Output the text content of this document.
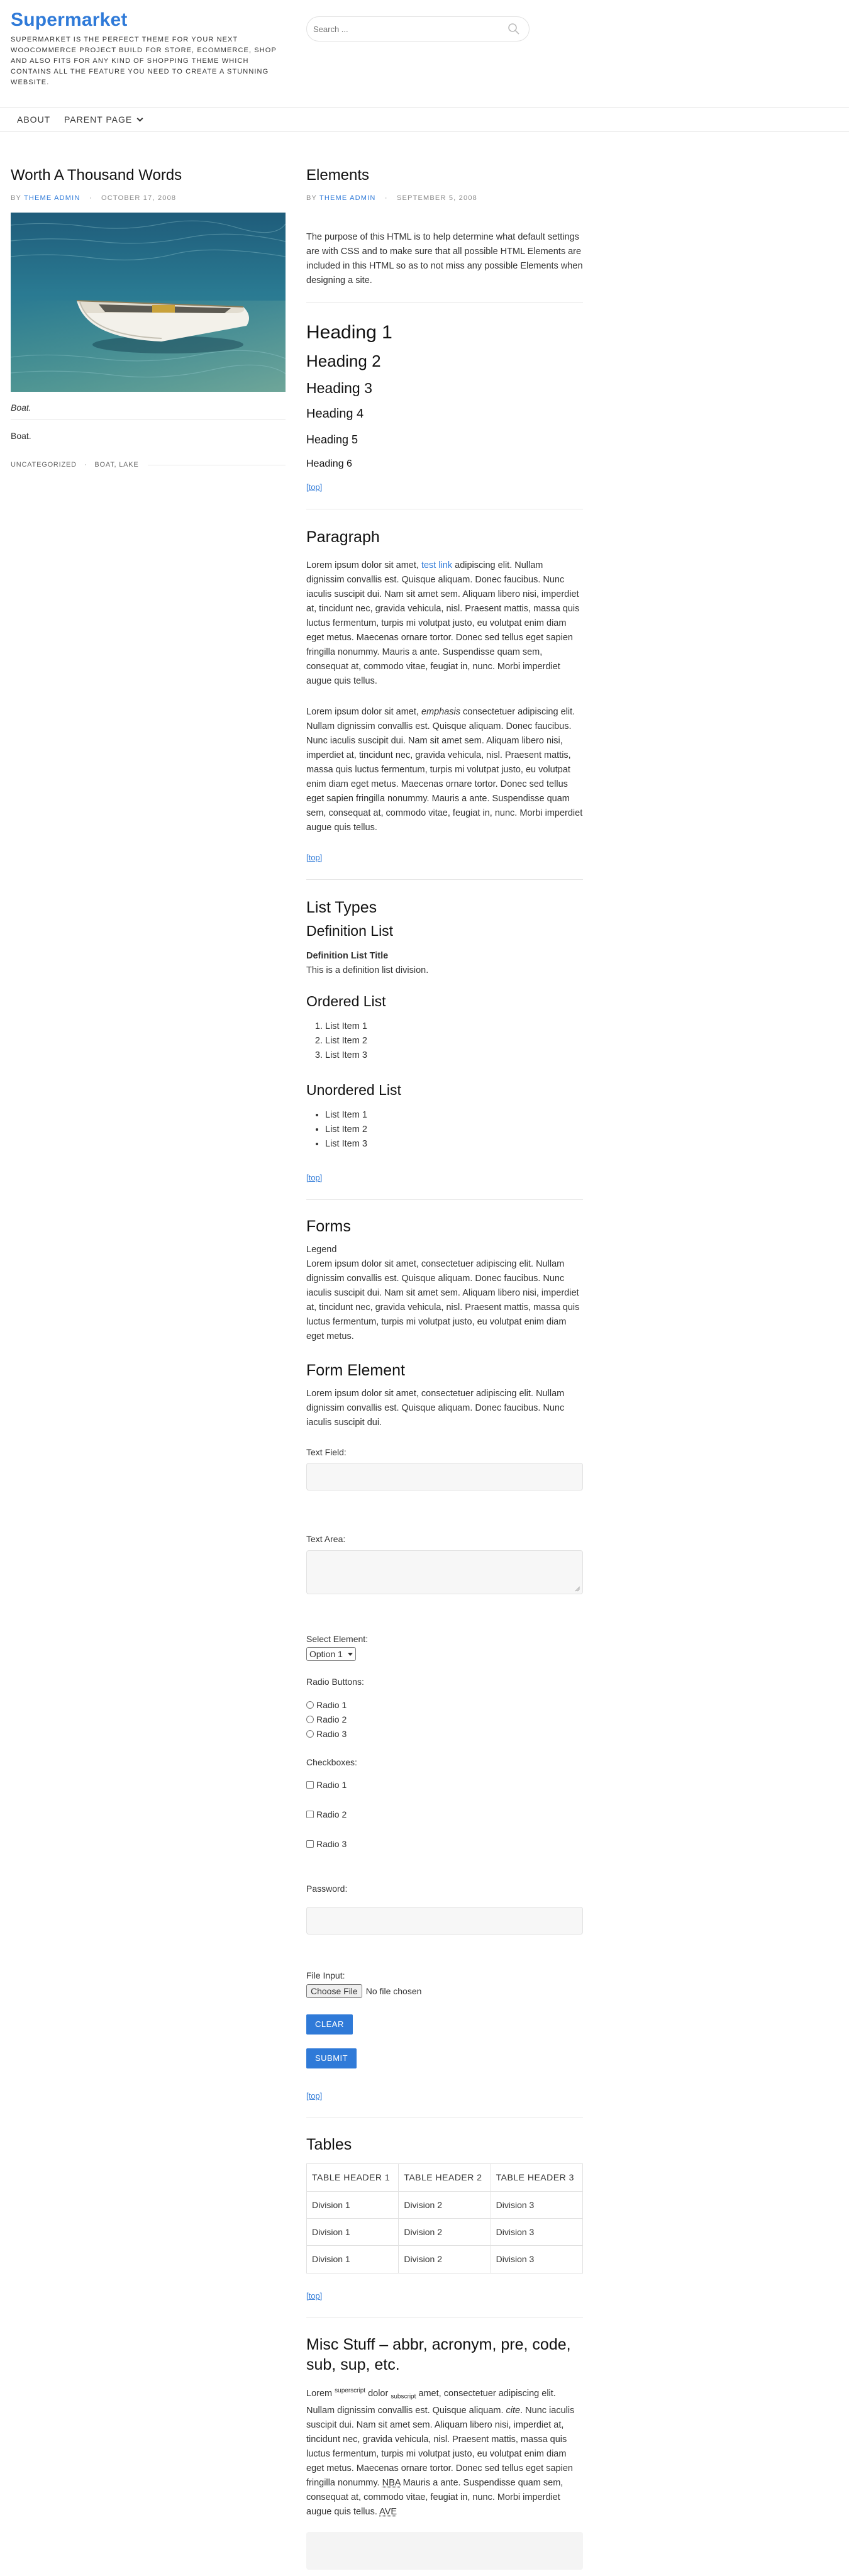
Supermarket
SUPERMARKET IS THE PERFECT THEME FOR YOUR NEXT WOOCOMMERCE PROJECT BUILD FOR STORE, ECOMMERCE, SHOP AND ALSO FITS FOR ANY KIND OF SHOPPING THEME WHICH CONTAINS ALL THE FEATURE YOU NEED TO CREATE A STUNNING WEBSITE.
Search ...
ABOUT PARENT PAGE
Worth A Thousand Words
BY THEME ADMIN · OCTOBER 17, 2008
Boat.
Boat.
UNCATEGORIZED · BOAT, LAKE
Elements
BY THEME ADMIN · SEPTEMBER 5, 2008

The purpose of this HTML is to help determine what default settings are with CSS and to make sure that all possible HTML Elements are included in this HTML so as to not miss any possible Elements when designing a site.

Heading 1
Heading 2
Heading 3
Heading 4
Heading 5
Heading 6
[top]
Paragraph

Lorem ipsum dolor sit amet, test link adipiscing elit. Nullam dignissim convallis est. Quisque aliquam. Donec faucibus. Nunc iaculis suscipit dui. Nam sit amet sem. Aliquam libero nisi, imperdiet at, tincidunt nec, gravida vehicula, nisl. Praesent mattis, massa quis luctus fermentum, turpis mi volutpat justo, eu volutpat enim diam eget metus. Maecenas ornare tortor. Donec sed tellus eget sapien fringilla nonummy. Mauris a ante. Suspendisse quam sem, consequat at, commodo vitae, feugiat in, nunc. Morbi imperdiet augue quis tellus.

Lorem ipsum dolor sit amet, emphasis consectetuer adipiscing elit. Nullam dignissim convallis est. Quisque aliquam. Donec faucibus. Nunc iaculis suscipit dui. Nam sit amet sem. Aliquam libero nisi, imperdiet at, tincidunt nec, gravida vehicula, nisl. Praesent mattis, massa quis luctus fermentum, turpis mi volutpat justo, eu volutpat enim diam eget metus. Maecenas ornare tortor. Donec sed tellus eget sapien fringilla nonummy. Mauris a ante. Suspendisse quam sem, consequat at, commodo vitae, feugiat in, nunc. Morbi imperdiet augue quis tellus.

[top]
List Types
Definition List
Definition List Title
This is a definition list division.
Ordered List
1. List Item 1
2. List Item 2
3. List Item 3
Unordered List
• List Item 1
• List Item 2
• List Item 3
[top]
Forms
Legend

Lorem ipsum dolor sit amet, consectetuer adipiscing elit. Nullam dignissim convallis est. Quisque aliquam. Donec faucibus. Nunc iaculis suscipit dui. Nam sit amet sem. Aliquam libero nisi, imperdiet at, tincidunt nec, gravida vehicula, nisl. Praesent mattis, massa quis luctus fermentum, turpis mi volutpat justo, eu volutpat enim diam eget metus.

Form Element

Lorem ipsum dolor sit amet, consectetuer adipiscing elit. Nullam dignissim convallis est. Quisque aliquam. Donec faucibus. Nunc iaculis suscipit dui.

Text Field:
Text Area:
Select Element:
Option 1
Radio Buttons:
Radio 1
Radio 2
Radio 3
Checkboxes:
Radio 1
Radio 2
Radio 3
Password:
File Input:
Choose File No file chosen
CLEAR
SUBMIT
[top]
Tables
TABLE HEADER 1	TABLE HEADER 2	TABLE HEADER 3
Division 1	Division 2	Division 3
Division 1	Division 2	Division 3
Division 1	Division 2	Division 3
[top]
Misc Stuff – abbr, acronym, pre, code, sub, sup, etc.

Lorem $^{superscript}$ dolor $_{subscript}$ amet, consectetuer adipiscing elit. Nullam dignissim convallis est. Quisque aliquam. cite. Nunc iaculis suscipit dui. Nam sit amet sem. Aliquam libero nisi, imperdiet at, tincidunt nec, gravida vehicula, nisl. Praesent mattis, massa quis luctus fermentum, turpis mi volutpat justo, eu volutpat enim diam eget metus. Maecenas ornare tortor. Donec sed tellus eget sapien fringilla nonummy. NBA Mauris a ante. Suspendisse quam sem, consequat at, commodo vitae, feugiat in, nunc. Morbi imperdiet augue quis tellus. AVE
